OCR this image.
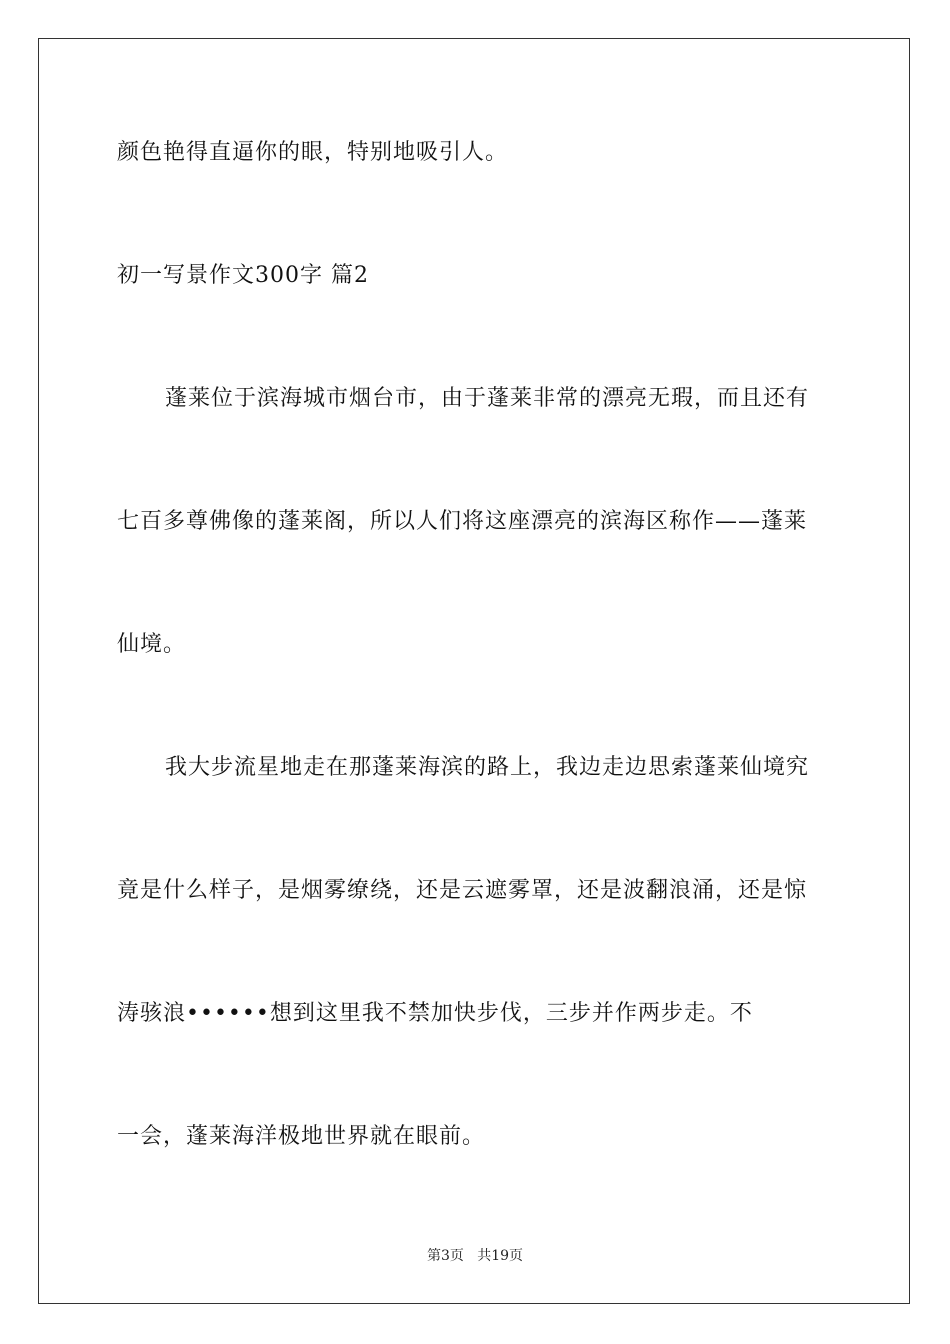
颜色艳得直逼你的眼，特别地吸引人。
初一写景作文300字 篇2
蓬莱位于滨海城市烟台市，由于蓬莱非常的漂亮无瑕，而且还有
七百多尊佛像的蓬莱阁，所以人们将这座漂亮的滨海区称作——蓬莱
仙境。
我大步流星地走在那蓬莱海滨的路上，我边走边思索蓬莱仙境究
竟是什么样子，是烟雾缭绕，还是云遮雾罩，还是波翻浪涌，还是惊
涛骇浪••••••想到这里我不禁加快步伐，三步并作两步走。不
一会，蓬莱海洋极地世界就在眼前。
第3页   共19页
